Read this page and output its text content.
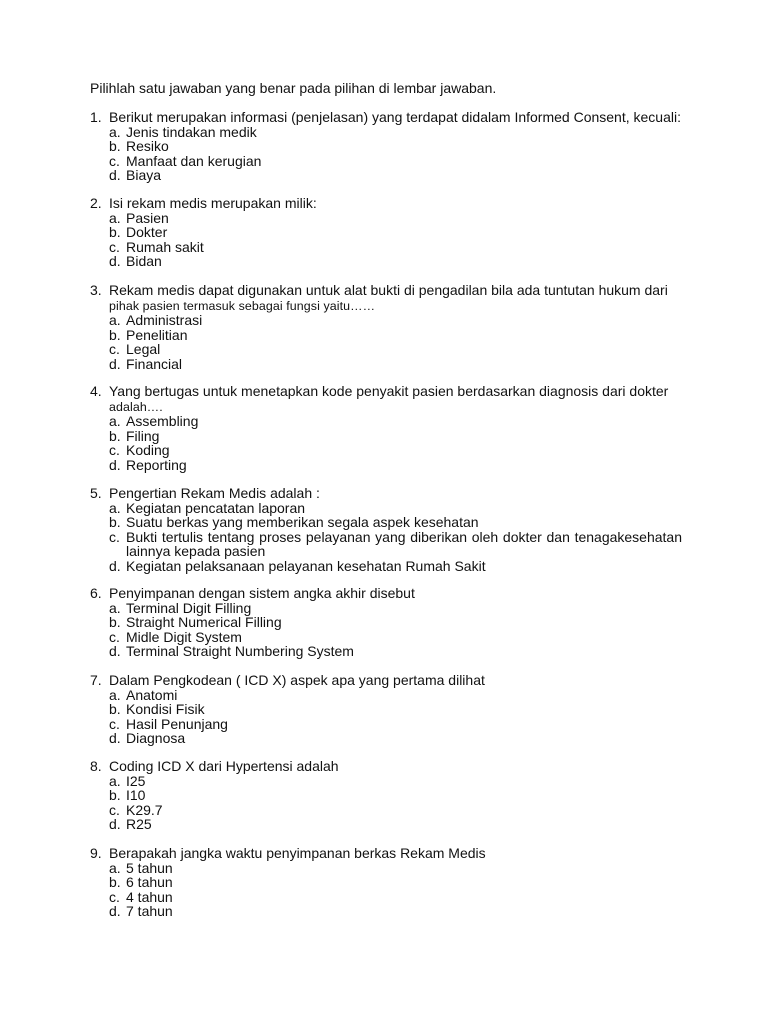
Pilihlah satu jawaban yang benar pada pilihan di lembar jawaban.
1. Berikut merupakan informasi (penjelasan) yang terdapat didalam Informed Consent, kecuali:
a. Jenis tindakan medik
b. Resiko
c. Manfaat dan kerugian
d. Biaya
2. Isi rekam medis merupakan milik:
a. Pasien
b. Dokter
c. Rumah sakit
d. Bidan
3. Rekam medis dapat digunakan untuk alat bukti di pengadilan bila ada tuntutan hukum dari
pihak pasien termasuk sebagai fungsi yaitu……
a. Administrasi
b. Penelitian
c. Legal
d. Financial
4. Yang bertugas untuk menetapkan kode penyakit pasien berdasarkan diagnosis dari dokter
adalah….
a. Assembling
b. Filing
c. Koding
d. Reporting
5. Pengertian Rekam Medis adalah :
a. Kegiatan pencatatan laporan
b. Suatu berkas yang memberikan segala aspek kesehatan
c. Bukti tertulis tentang proses pelayanan yang diberikan oleh dokter dan tenagakesehatan lainnya kepada pasien
d. Kegiatan pelaksanaan pelayanan kesehatan Rumah Sakit
6. Penyimpanan dengan sistem angka akhir disebut
a. Terminal Digit Filling
b. Straight Numerical Filling
c. Midle Digit System
d. Terminal Straight Numbering System
7. Dalam Pengkodean ( ICD X) aspek apa yang pertama dilihat
a. Anatomi
b. Kondisi Fisik
c. Hasil Penunjang
d. Diagnosa
8. Coding ICD X dari Hypertensi adalah
a. I25
b. I10
c. K29.7
d. R25
9. Berapakah jangka waktu penyimpanan berkas Rekam Medis
a. 5 tahun
b. 6 tahun
c. 4 tahun
d. 7 tahun
